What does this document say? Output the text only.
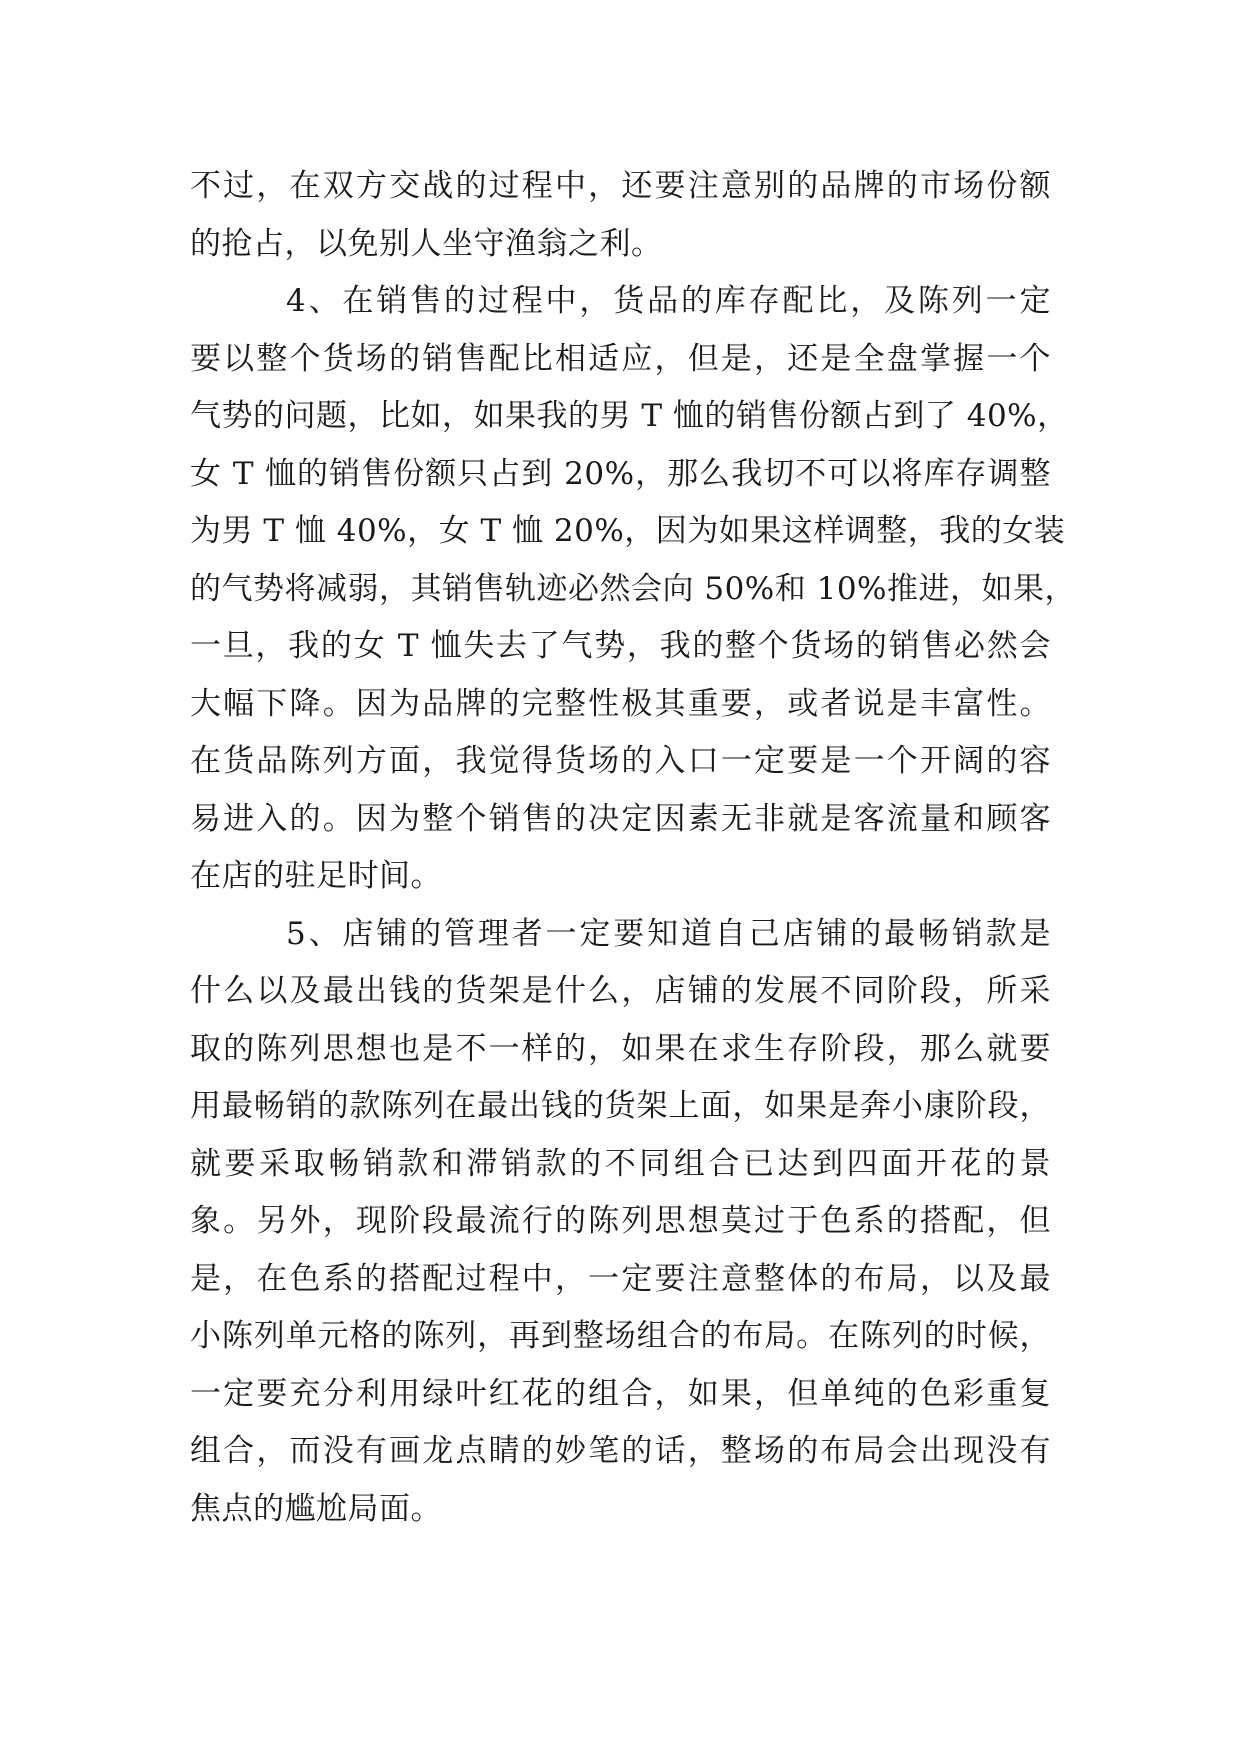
不过，在双方交战的过程中，还要注意别的品牌的市场份额
的抢占，以免别人坐守渔翁之利。
4、在销售的过程中，货品的库存配比，及陈列一定
要以整个货场的销售配比相适应，但是，还是全盘掌握一个
气势的问题，比如，如果我的男 T 恤的销售份额占到了 40%，
女 T 恤的销售份额只占到 20%，那么我切不可以将库存调整
为男 T 恤 40%，女 T 恤 20%，因为如果这样调整，我的女装
的气势将减弱，其销售轨迹必然会向 50%和 10%推进，如果，
一旦，我的女 T 恤失去了气势，我的整个货场的销售必然会
大幅下降。因为品牌的完整性极其重要，或者说是丰富性。
在货品陈列方面，我觉得货场的入口一定要是一个开阔的容
易进入的。因为整个销售的决定因素无非就是客流量和顾客
在店的驻足时间。
5、店铺的管理者一定要知道自己店铺的最畅销款是
什么以及最出钱的货架是什么，店铺的发展不同阶段，所采
取的陈列思想也是不一样的，如果在求生存阶段，那么就要
用最畅销的款陈列在最出钱的货架上面，如果是奔小康阶段，
就要采取畅销款和滞销款的不同组合已达到四面开花的景
象。另外，现阶段最流行的陈列思想莫过于色系的搭配，但
是，在色系的搭配过程中，一定要注意整体的布局，以及最
小陈列单元格的陈列，再到整场组合的布局。在陈列的时候，
一定要充分利用绿叶红花的组合，如果，但单纯的色彩重复
组合，而没有画龙点睛的妙笔的话，整场的布局会出现没有
焦点的尴尬局面。
